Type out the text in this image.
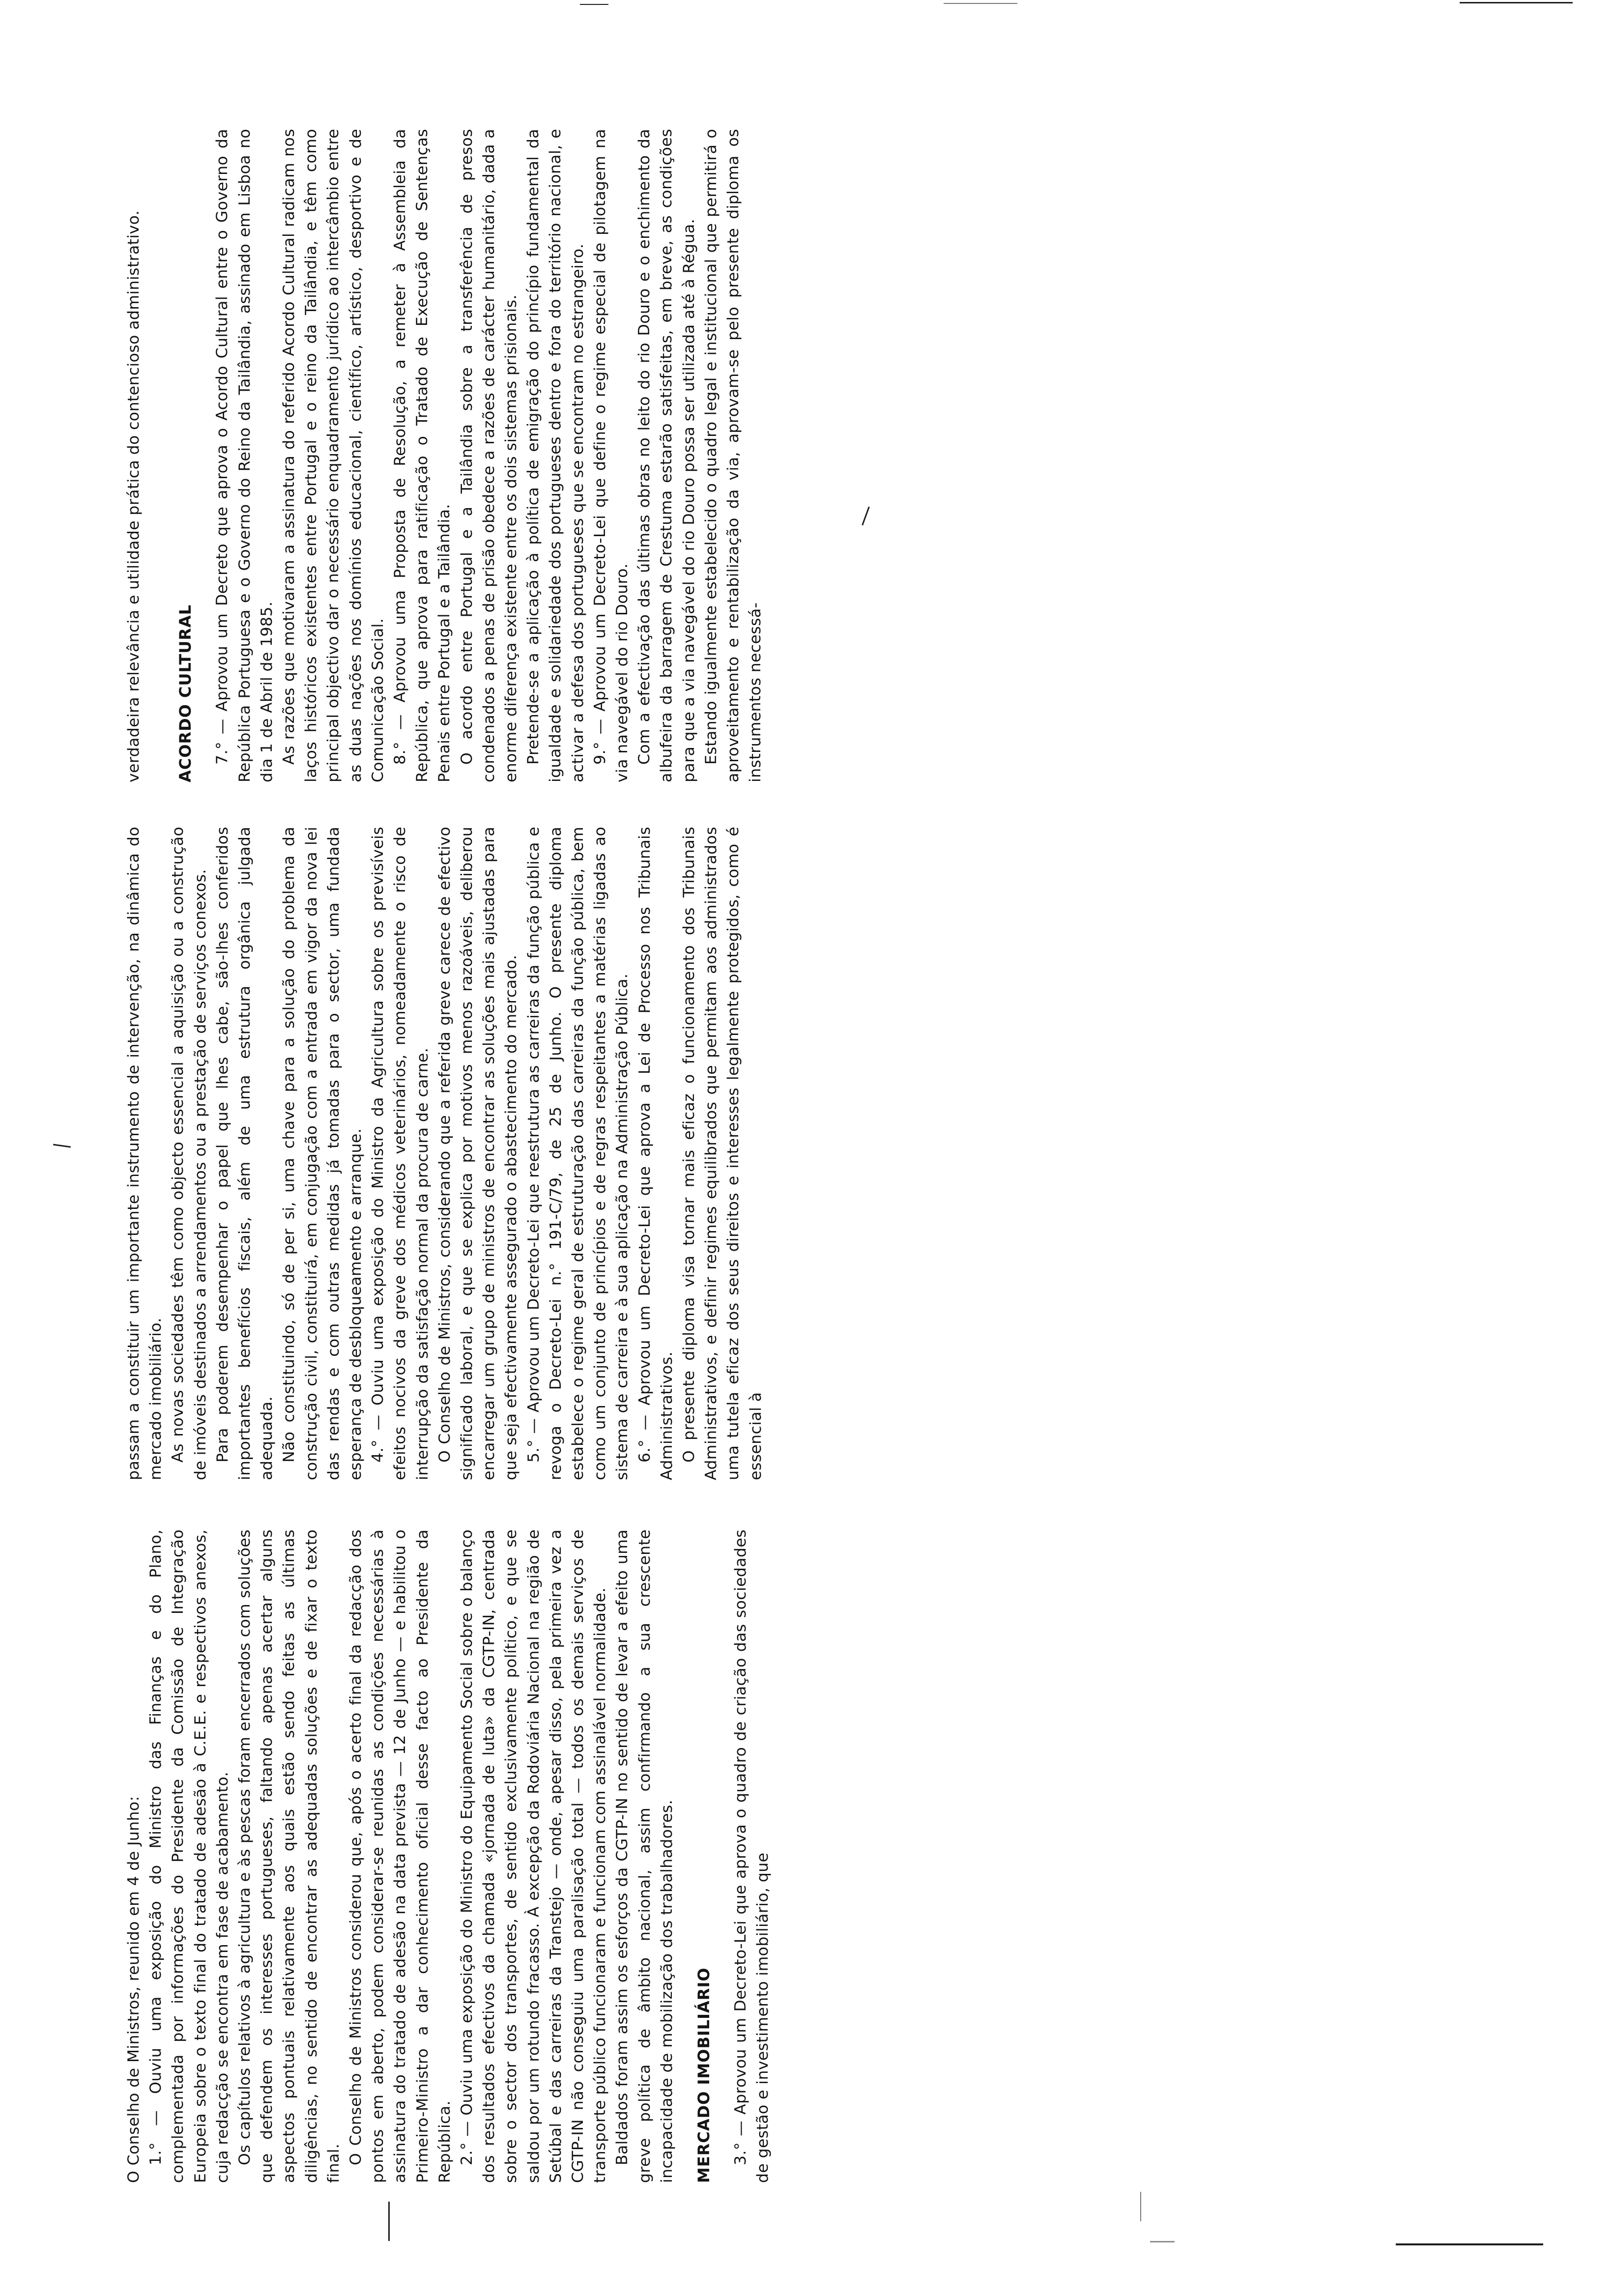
O Conselho de Ministros, reunido em 4 de Junho: 1.° — Ouviu uma exposição do Ministro das Finanças e do Plano, complementada por informações do Presidente da Comissão de Integração Europeia sobre o texto final do tratado de adesão à C.E.E. e respectivos anexos, cuja redacção se encontra em fase de acabamento. Os capítulos relativos à agricultura e às pescas foram encerrados com soluções que defendem os interesses portugueses, faltando apenas acertar alguns aspectos pontuais relativamente aos quais estão sendo feitas as últimas diligências, no sentido de encontrar as adequadas soluções e de fixar o texto final. O Conselho de Ministros considerou que, após o acerto final da redacção dos pontos em aberto, podem considerar-se reunidas as condições necessárias à assinatura do tratado de adesão na data prevista — 12 de Junho — e habilitou o Primeiro-Ministro a dar conhecimento oficial desse facto ao Presidente da República. 2.° — Ouviu uma exposição do Ministro do Equipamento Social sobre o balanço dos resultados efectivos da chamada «jornada de luta» da CGTP-IN, centrada sobre o sector dos transportes, de sentido exclusivamente político, e que se saldou por um rotundo fracasso. À excepção da Rodoviária Nacional na região de Setúbal e das carreiras da Transtejo — onde, apesar disso, pela primeira vez a CGTP-IN não conseguiu uma paralisação total — todos os demais serviços de transporte público funcionaram e funcionam com assinalável normalidade. Baldados foram assim os esforços da CGTP-IN no sentido de levar a efeito uma greve política de âmbito nacional, assim confirmando a sua crescente incapacidade de mobilização dos trabalhadores. MERCADO IMOBILIÁRIO 3.° — Aprovou um Decreto-Lei que aprova o quadro de criação das sociedades de gestão e investimento imobiliário, que

passam a constituir um importante instrumento de intervenção, na dinâmica do mercado imobiliário. As novas sociedades têm como objecto essencial a aquisição ou a construção de imóveis destinados a arrendamentos ou a prestação de serviços conexos. Para poderem desempenhar o papel que lhes cabe, são-lhes conferidos importantes benefícios fiscais, além de uma estrutura orgânica julgada adequada. Não constituindo, só de per si, uma chave para a solução do problema da construção civil, constituirá, em conjugação com a entrada em vigor da nova lei das rendas e com outras medidas já tomadas para o sector, uma fundada esperança de desbloqueamento e arranque. 4.° — Ouviu uma exposição do Ministro da Agricultura sobre os previsíveis efeitos nocivos da greve dos médicos veterinários, nomeadamente o risco de interrupção da satisfação normal da procura de carne. O Conselho de Ministros, considerando que a referida greve carece de efectivo significado laboral, e que se explica por motivos menos razoáveis, deliberou encarregar um grupo de ministros de encontrar as soluções mais ajustadas para que seja efectivamente assegurado o abastecimento do mercado. 5.° — Aprovou um Decreto-Lei que reestrutura as carreiras da função pública e revoga o Decreto-Lei n.° 191-C/79, de 25 de Junho. O presente diploma estabelece o regime geral de estruturação das carreiras da função pública, bem como um conjunto de princípios e de regras respeitantes a matérias ligadas ao sistema de carreira e à sua aplicação na Administração Pública. 6.° — Aprovou um Decreto-Lei que aprova a Lei de Processo nos Tribunais Administrativos. O presente diploma visa tornar mais eficaz o funcionamento dos Tribunais Administrativos, e definir regimes equilibrados que permitam aos administrados uma tutela eficaz dos seus direitos e interesses legalmente protegidos, como é essencial à

verdadeira relevância e utilidade prática do contencioso administrativo. ACORDO CULTURAL 7.° — Aprovou um Decreto que aprova o Acordo Cultural entre o Governo da República Portuguesa e o Governo do Reino da Tailândia, assinado em Lisboa no dia 1 de Abril de 1985. As razões que motivaram a assinatura do referido Acordo Cultural radicam nos laços históricos existentes entre Portugal e o reino da Tailândia, e têm como principal objectivo dar o necessário enquadramento jurídico ao intercâmbio entre as duas nações nos domínios educacional, científico, artístico, desportivo e de Comunicação Social. 8.° — Aprovou uma Proposta de Resolução, a remeter à Assembleia da República, que aprova para ratificação o Tratado de Execução de Sentenças Penais entre Portugal e a Tailândia. O acordo entre Portugal e a Tailândia sobre a transferência de presos condenados a penas de prisão obedece a razões de carácter humanitário, dada a enorme diferença existente entre os dois sistemas prisionais. Pretende-se a aplicação à política de emigração do princípio fundamental da igualdade e solidariedade dos portugueses dentro e fora do território nacional, e activar a defesa dos portugueses que se encontram no estrangeiro. 9.° — Aprovou um Decreto-Lei que define o regime especial de pilotagem na via navegável do rio Douro. Com a efectivação das últimas obras no leito do rio Douro e o enchimento da albufeira da barragem de Crestuma estarão satisfeitas, em breve, as condições para que a via navegável do rio Douro possa ser utilizada até à Régua. Estando igualmente estabelecido o quadro legal e institucional que permitirá o aproveitamento e rentabilização da via, aprovam-se pelo presente diploma os instrumentos necessá-
